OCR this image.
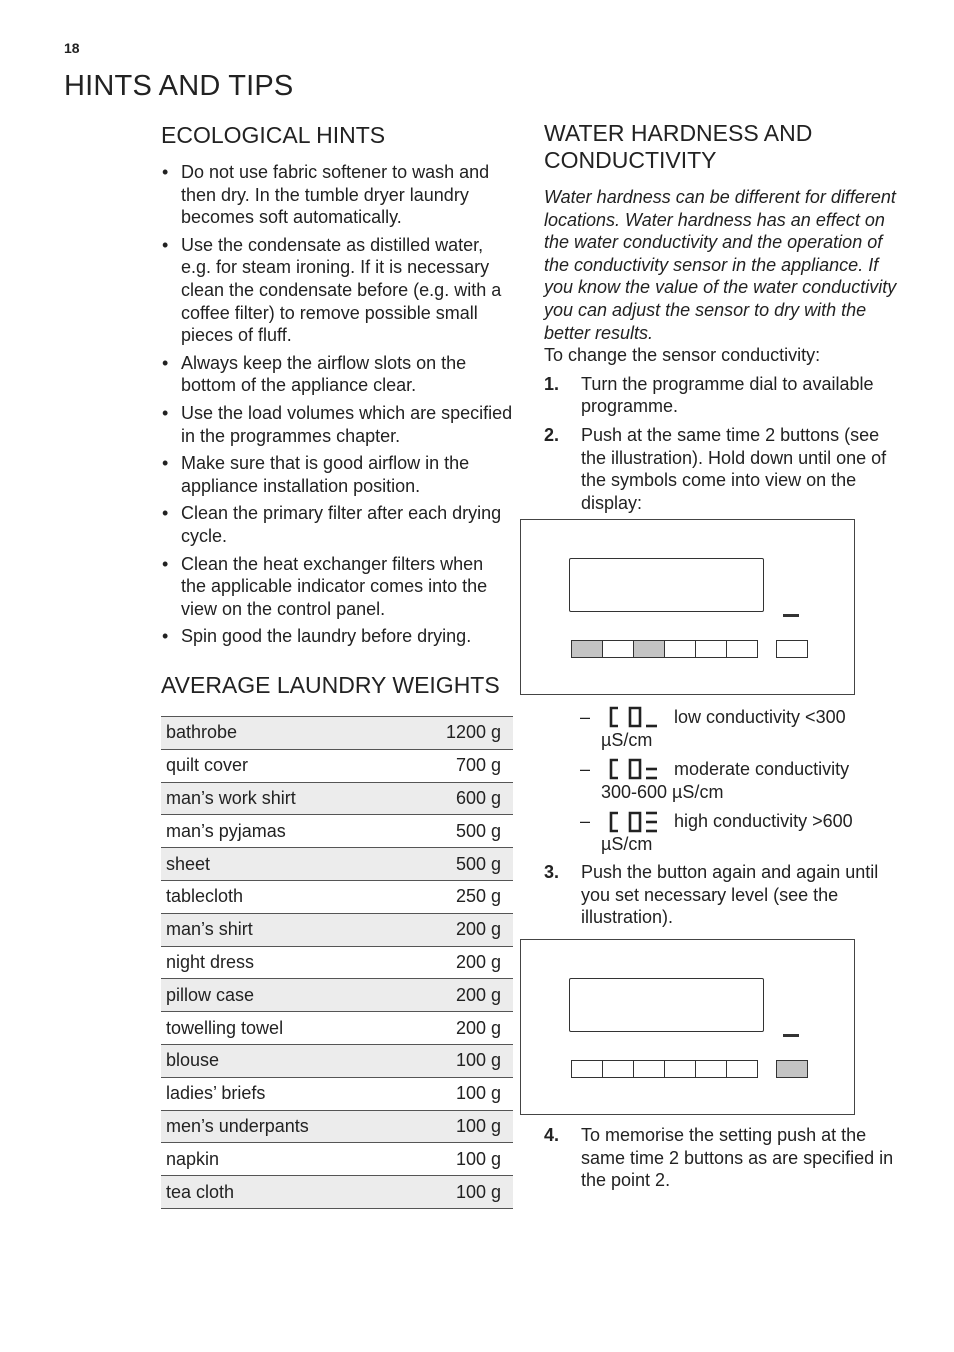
18
HINTS AND TIPS
ECOLOGICAL HINTS
• Do not use fabric softener to wash and then dry. In the tumble dryer laundry becomes soft automatically.
• Use the condensate as distilled water, e.g. for steam ironing. If it is necessary clean the condensate before (e.g. with a coffee filter) to remove possible small pieces of fluff.
• Always keep the airflow slots on the bottom of the appliance clear.
• Use the load volumes which are specified in the programmes chapter.
• Make sure that is good airflow in the appliance installation position.
• Clean the primary filter after each drying cycle.
• Clean the heat exchanger filters when the applicable indicator comes into the view on the control panel.
• Spin good the laundry before drying.
AVERAGE LAUNDRY WEIGHTS
bathrobe	1200 g
quilt cover	700 g
man’s work shirt	600 g
man’s pyjamas	500 g
sheet	500 g
tablecloth	250 g
man’s shirt	200 g
night dress	200 g
pillow case	200 g
towelling towel	200 g
blouse	100 g
ladies’ briefs	100 g
men’s underpants	100 g
napkin	100 g
tea cloth	100 g
WATER HARDNESS AND
CONDUCTIVITY

Water hardness can be different for different locations. Water hardness has an effect on the water conductivity and the operation of the conductivity sensor in the appliance. If you know the value of the water conductivity you can adjust the sensor to dry with the better results.

To change the sensor conductivity:

1. Turn the programme dial to available programme.
2. Push at the same time 2 buttons (see the illustration). Hold down until one of the symbols come into view on the display:
–	low conductivity <300
µS/cm
–	moderate conductivity
300-600 µS/cm
–	high conductivity >600
µS/cm
3. Push the button again and again until you set necessary level (see the illustration).
4. To memorise the setting push at the same time 2 buttons as are specified in the point 2.
